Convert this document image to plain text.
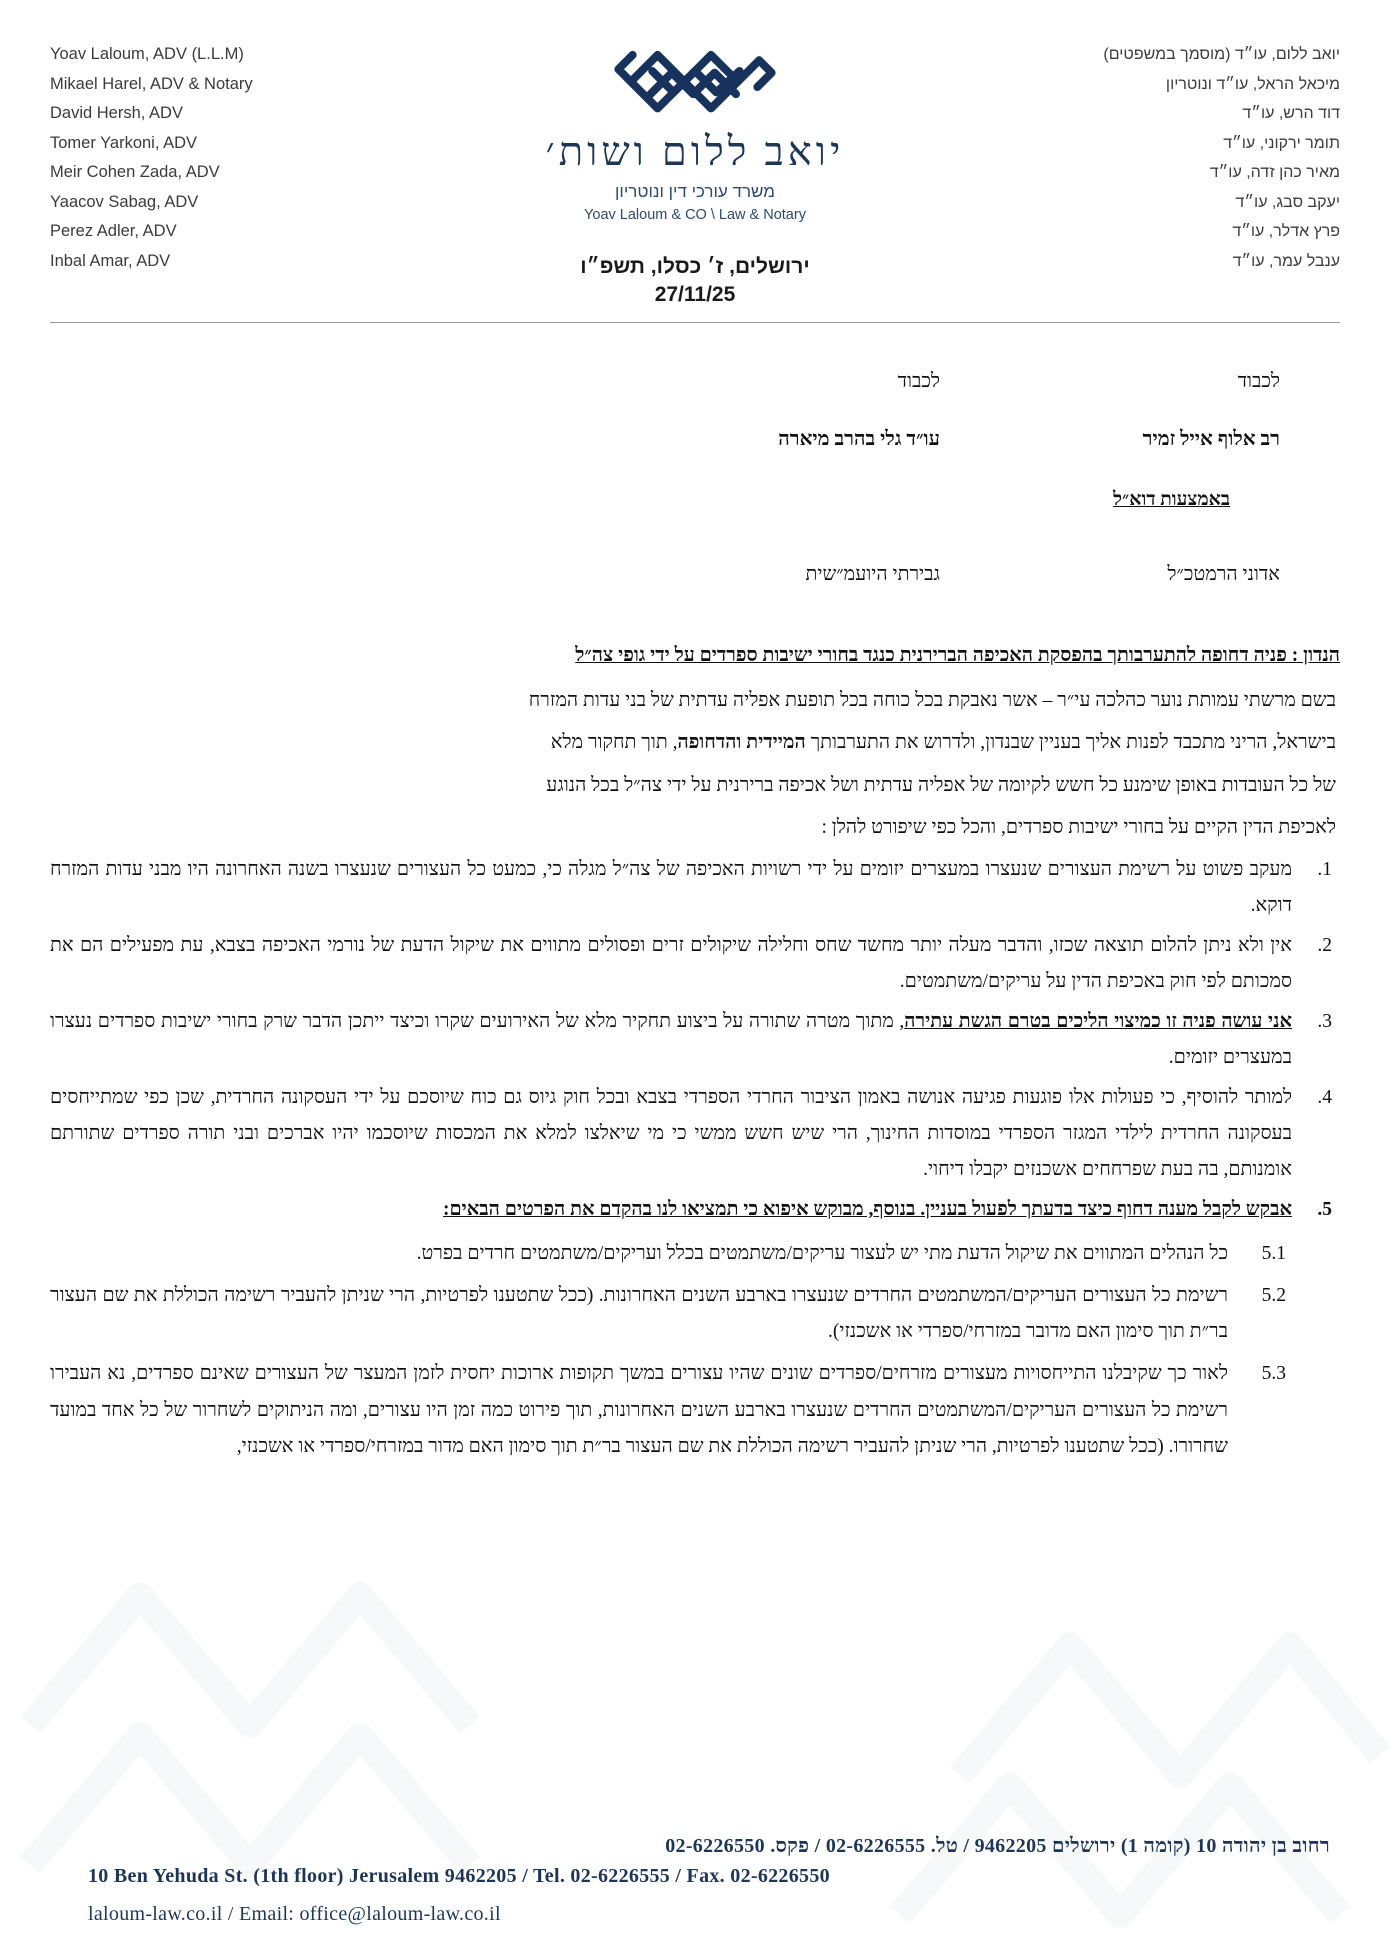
Yoav Laloum, ADV (L.L.M)
Mikael Harel, ADV & Notary
David Hersh, ADV
Tomer Yarkoni, ADV
Meir Cohen Zada, ADV
Yaacov Sabag, ADV
Perez Adler, ADV
Inbal Amar, ADV
יואב ללום ושות׳
משרד עורכי דין ונוטריון
Yoav Laloum & CO \ Law & Notary
ירושלים, ז׳ כסלו, תשפ״ו
27/11/25
יואב ללום, עו״ד (מוסמך במשפטים)
מיכאל הראל, עו״ד ונוטריון
דוד הרש, עו״ד
תומר ירקוני, עו״ד
מאיר כהן זדה, עו״ד
יעקב סבג, עו״ד
פרץ אדלר, עו״ד
ענבל עמר, עו״ד
לכבוד
רב אלוף אייל זמיר
לכבוד
עו״ד גלי בהרב מיארה
באמצעות דוא״ל
אדוני הרמטכ״ל
גבירתי היועמ״שית
הנדון : פניה דחופה להתערבותך בהפסקת האכיפה הברירנית כנגד בחורי ישיבות ספרדים על ידי גופי צה״ל

בשם מרשתי עמותת נוער כהלכה עי״ר – אשר נאבקת בכל כוחה בכל תופעת אפליה עדתית של בני עדות המזרח

בישראל, הריני מתכבד לפנות אליך בעניין שבנדון, ולדרוש את התערבותך המיידית והדחופה, תוך תחקור מלא

של כל העובדות באופן שימנע כל חשש לקיומה של אפליה עדתית ושל אכיפה ברירנית על ידי צה״ל בכל הנוגע

לאכיפת הדין הקיים על בחורי ישיבות ספרדים, והכל כפי שיפורט להלן :

מעקב פשוט על רשימת העצורים שנעצרו במעצרים יזומים על ידי רשויות האכיפה של צה״ל מגלה כי, כמעט כל העצורים שנעצרו בשנה האחרונה היו מבני עדות המזרח דוקא.
אין ולא ניתן להלום תוצאה שכזו, והדבר מעלה יותר מחשד שחס וחלילה שיקולים זרים ופסולים מתווים את שיקול הדעת של נורמי האכיפה בצבא, עת מפעילים הם את סמכותם לפי חוק באכיפת הדין על עריקים/משתמטים.
אני עושה פניה זו כמיצוי הליכים בטרם הגשת עתירה, מתוך מטרה שתורה על ביצוע תחקיר מלא של האירועים שקרו וכיצד ייתכן הדבר שרק בחורי ישיבות ספרדים נעצרו במעצרים יזומים.
למותר להוסיף, כי פעולות אלו פוגעות פגיעה אנושה באמון הציבור החרדי הספרדי בצבא ובכל חוק גיוס גם כוח שיוסכם על ידי העסקונה החרדית, שכן כפי שמתייחסים בעסקונה החרדית לילדי המגזר הספרדי במוסדות החינוך, הרי שיש חשש ממשי כי מי שיאלצו למלא את המכסות שיוסכמו יהיו אברכים ובני תורה ספרדים שתורתם אומנותם, בה בעת שפרחחים אשכנזים יקבלו דיחוי.
אבקש לקבל מענה דחוף כיצד בדעתך לפעול בעניין. בנוסף, מבוקש איפוא כי תמציאו לנו בהקדם את הפרטים הבאים:
כל הנהלים המתווים את שיקול הדעת מתי יש לעצור עריקים/משתמטים בכלל ועריקים/משתמטים חרדים בפרט.
רשימת כל העצורים העריקים/המשתמטים החרדים שנעצרו בארבע השנים האחרונות. (ככל שתטענו לפרטיות, הרי שניתן להעביר רשימה הכוללת את שם העצור בר״ת תוך סימון האם מדובר במזרחי/ספרדי או אשכנזי).
לאור כך שקיבלנו התייחסויות מעצורים מזרחים/ספרדים שונים שהיו עצורים במשך תקופות ארוכות יחסית לזמן המעצר של העצורים שאינם ספרדים, נא העבירו רשימת כל העצורים העריקים/המשתמטים החרדים שנעצרו בארבע השנים האחרונות, תוך פירוט כמה זמן היו עצורים, ומה הניתוקים לשחרור של כל אחד במועד שחרורו. (ככל שתטענו לפרטיות, הרי שניתן להעביר רשימה הכוללת את שם העצור בר״ת תוך סימון האם מדור במזרחי/ספרדי או אשכנזי,
רחוב בן יהודה 10 (קומה 1) ירושלים 9462205 / טל. 02-6226555 / פקס. 02-6226550
10 Ben Yehuda St. (1th floor) Jerusalem 9462205 / Tel. 02-6226555 / Fax. 02-6226550
laloum-law.co.il / Email: office@laloum-law.co.il
